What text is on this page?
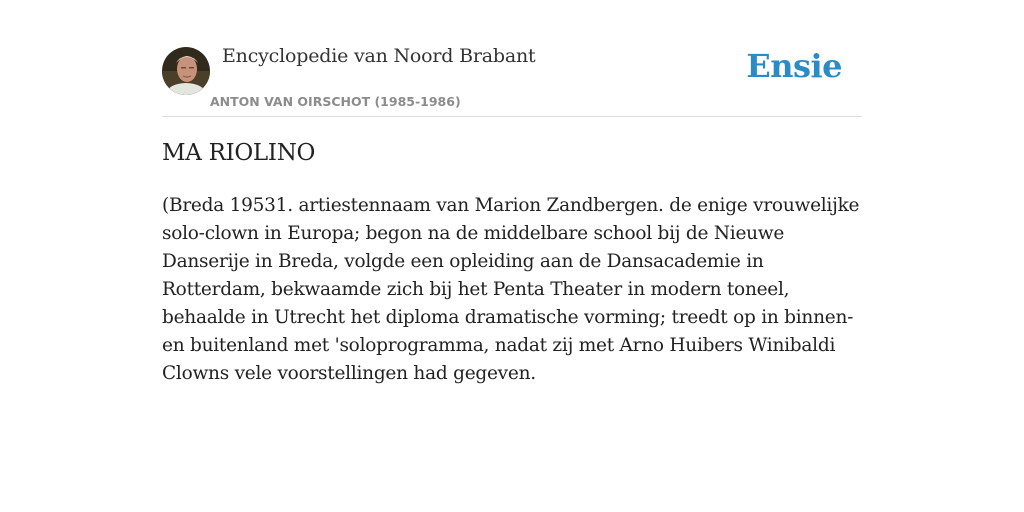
Encyclopedie van Noord Brabant
ANTON VAN OIRSCHOT (1985-1986)
Ensie
MA RIOLINO

(Breda 19531. artiestennaam van Marion Zandbergen. de enige vrouwelijke solo-clown in Europa; begon na de middelbare school bij de Nieuwe Danserije in Breda, volgde een opleiding aan de Dansacademie in Rotterdam, bekwaamde zich bij het Penta Theater in modern toneel, behaalde in Utrecht het diploma dramatische vorming; treedt op in binnen- en buitenland met 'soloprogramma, nadat zij met Arno Huibers Winibaldi Clowns vele voorstellingen had gegeven.
